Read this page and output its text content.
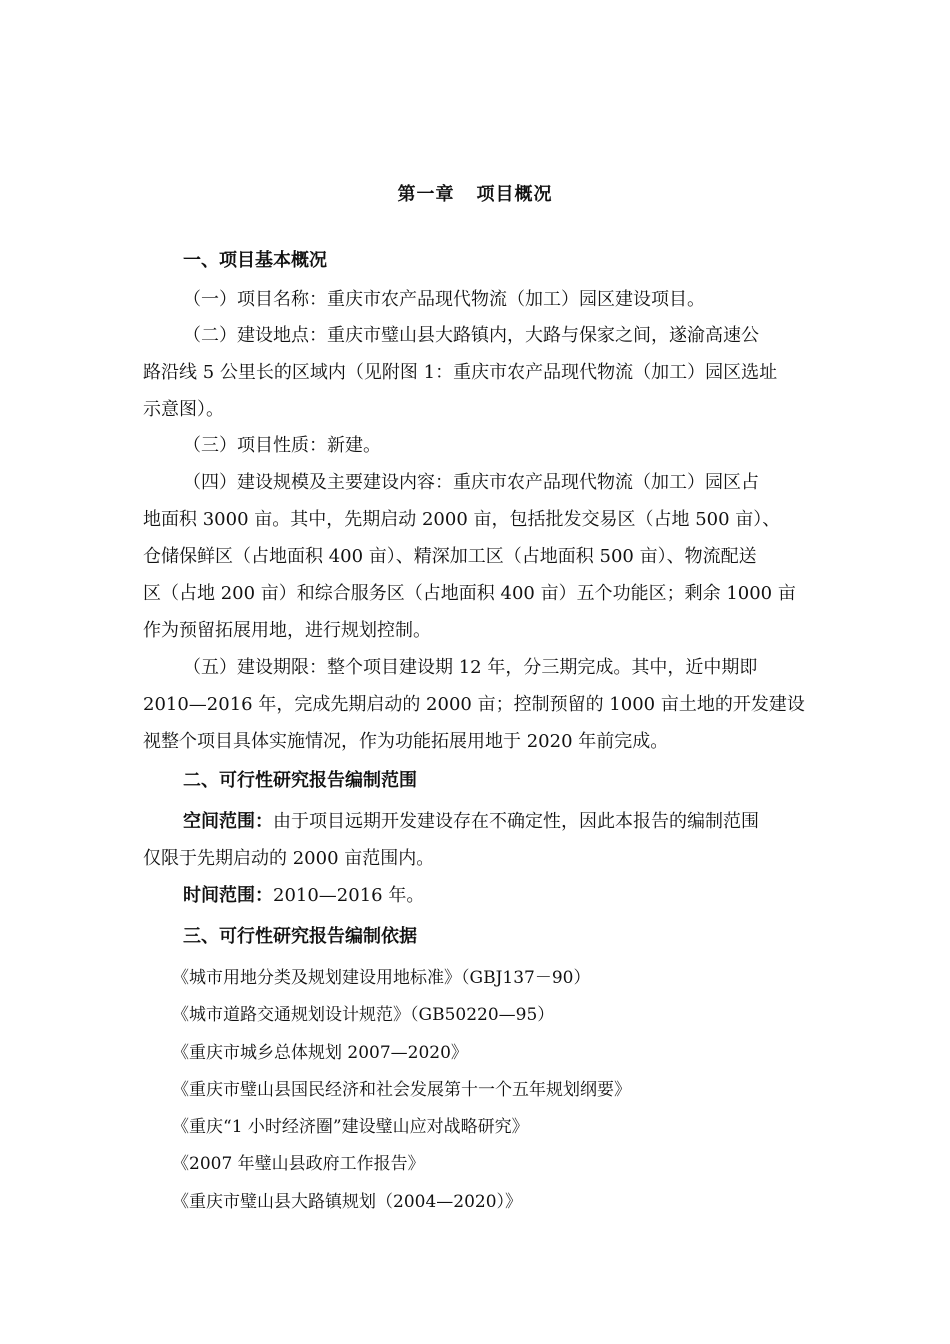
第一章 项目概况
一、项目基本概况
（一）项目名称：重庆市农产品现代物流（加工）园区建设项目。
（二）建设地点：重庆市璧山县大路镇内，大路与保家之间，遂渝高速公
路沿线 5 公里长的区域内（见附图 1：重庆市农产品现代物流（加工）园区选址
示意图）。
（三）项目性质：新建。
（四）建设规模及主要建设内容：重庆市农产品现代物流（加工）园区占
地面积 3000 亩。其中，先期启动 2000 亩，包括批发交易区（占地 500 亩）、
仓储保鲜区（占地面积 400 亩）、精深加工区（占地面积 500 亩）、物流配送
区（占地 200 亩）和综合服务区（占地面积 400 亩）五个功能区；剩余 1000 亩
作为预留拓展用地，进行规划控制。
（五）建设期限：整个项目建设期 12 年，分三期完成。其中，近中期即
2010—2016 年，完成先期启动的 2000 亩；控制预留的 1000 亩土地的开发建设
视整个项目具体实施情况，作为功能拓展用地于 2020 年前完成。
二、可行性研究报告编制范围
空间范围：由于项目远期开发建设存在不确定性，因此本报告的编制范围
仅限于先期启动的 2000 亩范围内。
时间范围：2010—2016 年。
三、可行性研究报告编制依据
《城市用地分类及规划建设用地标准》（GBJ137－90）
《城市道路交通规划设计规范》（GB50220—95）
《重庆市城乡总体规划 2007—2020》
《重庆市璧山县国民经济和社会发展第十一个五年规划纲要》
《重庆“1 小时经济圈”建设璧山应对战略研究》
《2007 年璧山县政府工作报告》
《重庆市璧山县大路镇规划（2004—2020）》
